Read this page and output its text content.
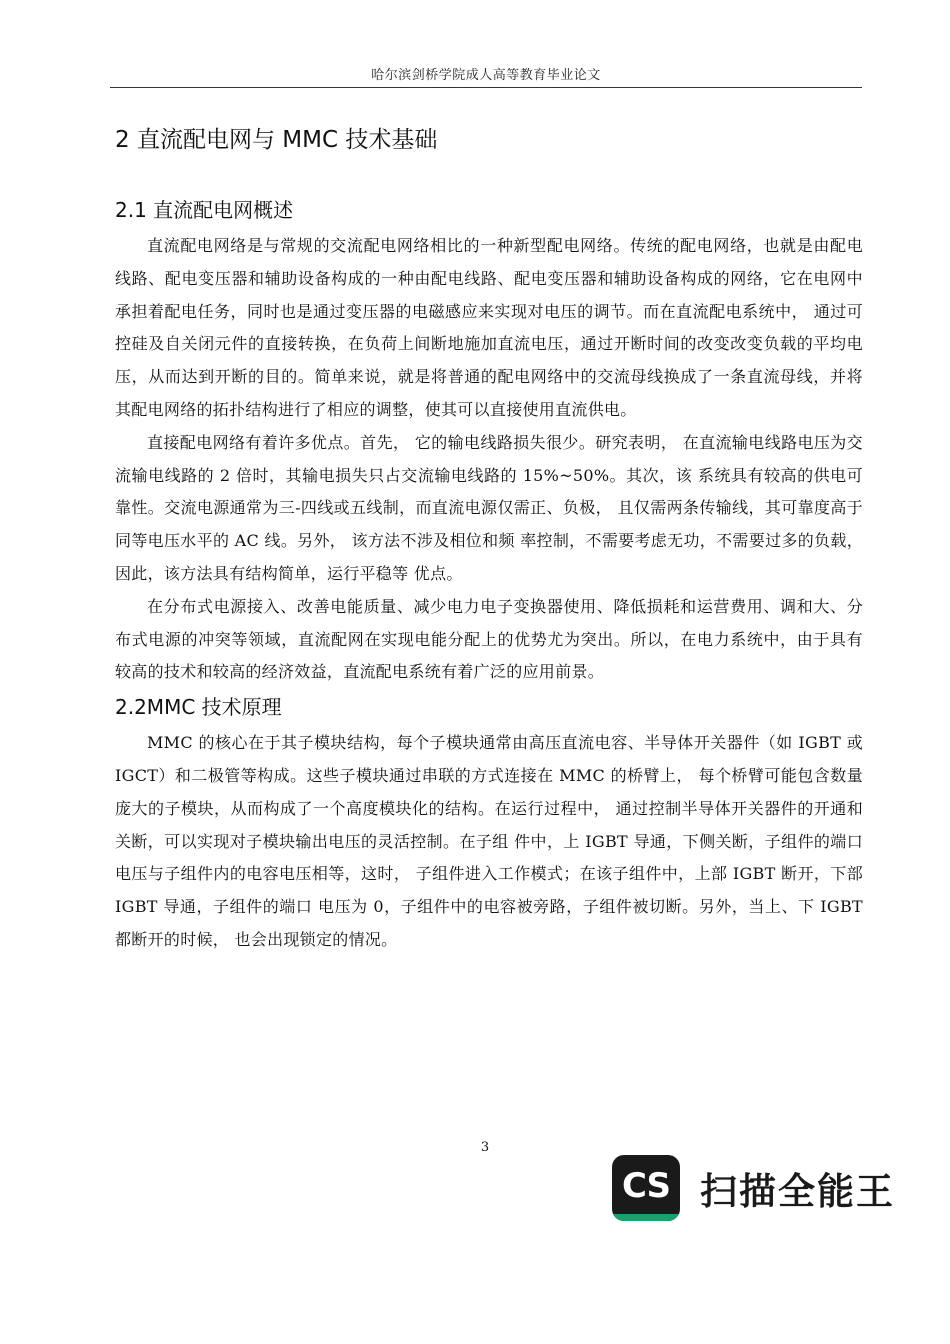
哈尔滨剑桥学院成人高等教育毕业论文
2 直流配电网与 MMC 技术基础
2.1 直流配电网概述

直流配电网络是与常规的交流配电网络相比的一种新型配电网络。传统的配电网络，也就是由配电线路、配电变压器和辅助设备构成的一种由配电线路、配电变压器和辅助设备构成的网络，它在电网中承担着配电任务，同时也是通过变压器的电磁感应来实现对电压的调节。而在直流配电系统中， 通过可控硅及自关闭元件的直接转换，在负荷上间断地施加直流电压，通过开断时间的改变改变负载的平均电压，从而达到开断的目的。简单来说，就是将普通的配电网络中的交流母线换成了一条直流母线，并将其配电网络的拓扑结构进行了相应的调整，使其可以直接使用直流供电。

直接配电网络有着许多优点。首先， 它的输电线路损失很少。研究表明， 在直流输电线路电压为交流输电线路的 2 倍时，其输电损失只占交流输电线路的 15%~50%。其次，该 系统具有较高的供电可靠性。交流电源通常为三-四线或五线制，而直流电源仅需正、负极， 且仅需两条传输线，其可靠度高于同等电压水平的 AC 线。另外， 该方法不涉及相位和频 率控制，不需要考虑无功，不需要过多的负载，因此，该方法具有结构简单，运行平稳等 优点。

在分布式电源接入、改善电能质量、减少电力电子变换器使用、降低损耗和运营费用、调和大、分布式电源的冲突等领域，直流配网在实现电能分配上的优势尤为突出。所以，在电力系统中，由于具有较高的技术和较高的经济效益，直流配电系统有着广泛的应用前景。

2.2MMC 技术原理

MMC 的核心在于其子模块结构，每个子模块通常由高压直流电容、半导体开关器件（如 IGBT 或 IGCT）和二极管等构成。这些子模块通过串联的方式连接在 MMC 的桥臂上， 每个桥臂可能包含数量庞大的子模块，从而构成了一个高度模块化的结构。在运行过程中， 通过控制半导体开关器件的开通和关断，可以实现对子模块输出电压的灵活控制。在子组 件中，上 IGBT 导通，下侧关断，子组件的端口电压与子组件内的电容电压相等，这时， 子组件进入工作模式；在该子组件中，上部 IGBT 断开，下部 IGBT 导通，子组件的端口 电压为 0，子组件中的电容被旁路，子组件被切断。另外，当上、下 IGBT 都断开的时候， 也会出现锁定的情况。

3
CS 扫描全能王
